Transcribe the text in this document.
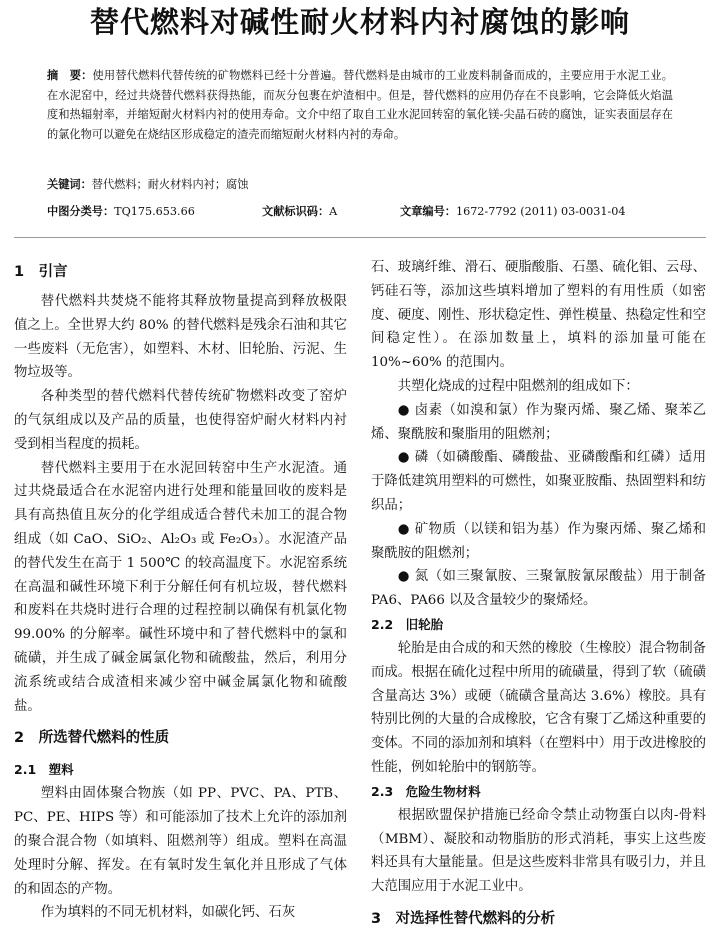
替代燃料对碱性耐火材料内衬腐蚀的影响
摘　要：使用替代燃料代替传统的矿物燃料已经十分普遍。替代燃料是由城市的工业废料制备而成的，主要应用于水泥工业。在水泥窑中，经过共烧替代燃料获得热能，而灰分包裹在炉渣相中。但是，替代燃料的应用仍存在不良影响，它会降低火焰温度和热辐射率，并缩短耐火材料内衬的使用寿命。文介中绍了取自工业水泥回转窑的氧化镁-尖晶石砖的腐蚀，证实表面层存在的氯化物可以避免在烧结区形成稳定的渣壳而缩短耐火材料内衬的寿命。
关键词：替代燃料；耐火材料内衬；腐蚀
中图分类号：TQ175.653.66	文献标识码：A	文章编号：1672-7792 (2011) 03-0031-04

1　引言

替代燃料共焚烧不能将其释放物量提高到释放极限值之上。全世界大约 80% 的替代燃料是残余石油和其它一些废料（无危害），如塑料、木材、旧轮胎、污泥、生物垃圾等。

各种类型的替代燃料代替传统矿物燃料改变了窑炉的气氛组成以及产品的质量，也使得窑炉耐火材料内衬受到相当程度的损耗。

替代燃料主要用于在水泥回转窑中生产水泥渣。通过共烧最适合在水泥窑内进行处理和能量回收的废料是具有高热值且灰分的化学组成适合替代未加工的混合物组成（如 CaO、SiO₂、Al₂O₃ 或 Fe₂O₃）。水泥渣产品的替代发生在高于 1 500℃ 的较高温度下。水泥窑系统在高温和碱性环境下利于分解任何有机垃圾，替代燃料和废料在共烧时进行合理的过程控制以确保有机氯化物 99.00% 的分解率。碱性环境中和了替代燃料中的氯和硫磺，并生成了碱金属氯化物和硫酸盐，然后，利用分流系统或结合成渣相来减少窑中碱金属氯化物和硫酸盐。

2　所选替代燃料的性质

2.1　塑料

塑料由固体聚合物族（如 PP、PVC、PA、PTB、PC、PE、HIPS 等）和可能添加了技术上允许的添加剂的聚合混合物（如填料、阻燃剂等）组成。塑料在高温处理时分解、挥发。在有氧时发生氧化并且形成了气体的和固态的产物。

作为填料的不同无机材料，如碳化钙、石灰

石、玻璃纤维、滑石、硬脂酸脂、石墨、硫化钼、云母、钙硅石等，添加这些填料增加了塑料的有用性质（如密度、硬度、刚性、形状稳定性、弹性模量、热稳定性和空间稳定性）。在添加数量上，填料的添加量可能在 10%~60% 的范围内。

共塑化烧成的过程中阻燃剂的组成如下：

● 卤素（如溴和氯）作为聚丙烯、聚乙烯、聚苯乙烯、聚酰胺和聚脂用的阻燃剂；

● 磷（如磷酸酯、磷酸盐、亚磷酸酯和红磷）适用于降低建筑用塑料的可燃性，如聚亚胺酯、热固塑料和纺织品；

● 矿物质（以镁和铝为基）作为聚丙烯、聚乙烯和聚酰胺的阻燃剂；

● 氮（如三聚氰胺、三聚氰胺氰尿酸盐）用于制备 PA6、PA66 以及含量较少的聚烯烃。

2.2　旧轮胎

轮胎是由合成的和天然的橡胶（生橡胶）混合物制备而成。根据在硫化过程中所用的硫磺量，得到了软（硫磺含量高达 3%）或硬（硫磺含量高达 3.6%）橡胶。具有特别比例的大量的合成橡胶，它含有聚丁乙烯这种重要的变体。不同的添加剂和填料（在塑料中）用于改进橡胶的性能，例如轮胎中的钢筋等。

2.3　危险生物材料

根据欧盟保护措施已经命令禁止动物蛋白以肉-骨料（MBM）、凝胶和动物脂肪的形式消耗，事实上这些废料还具有大量能量。但是这些废料非常具有吸引力，并且大范围应用于水泥工业中。

3　对选择性替代燃料的分析
